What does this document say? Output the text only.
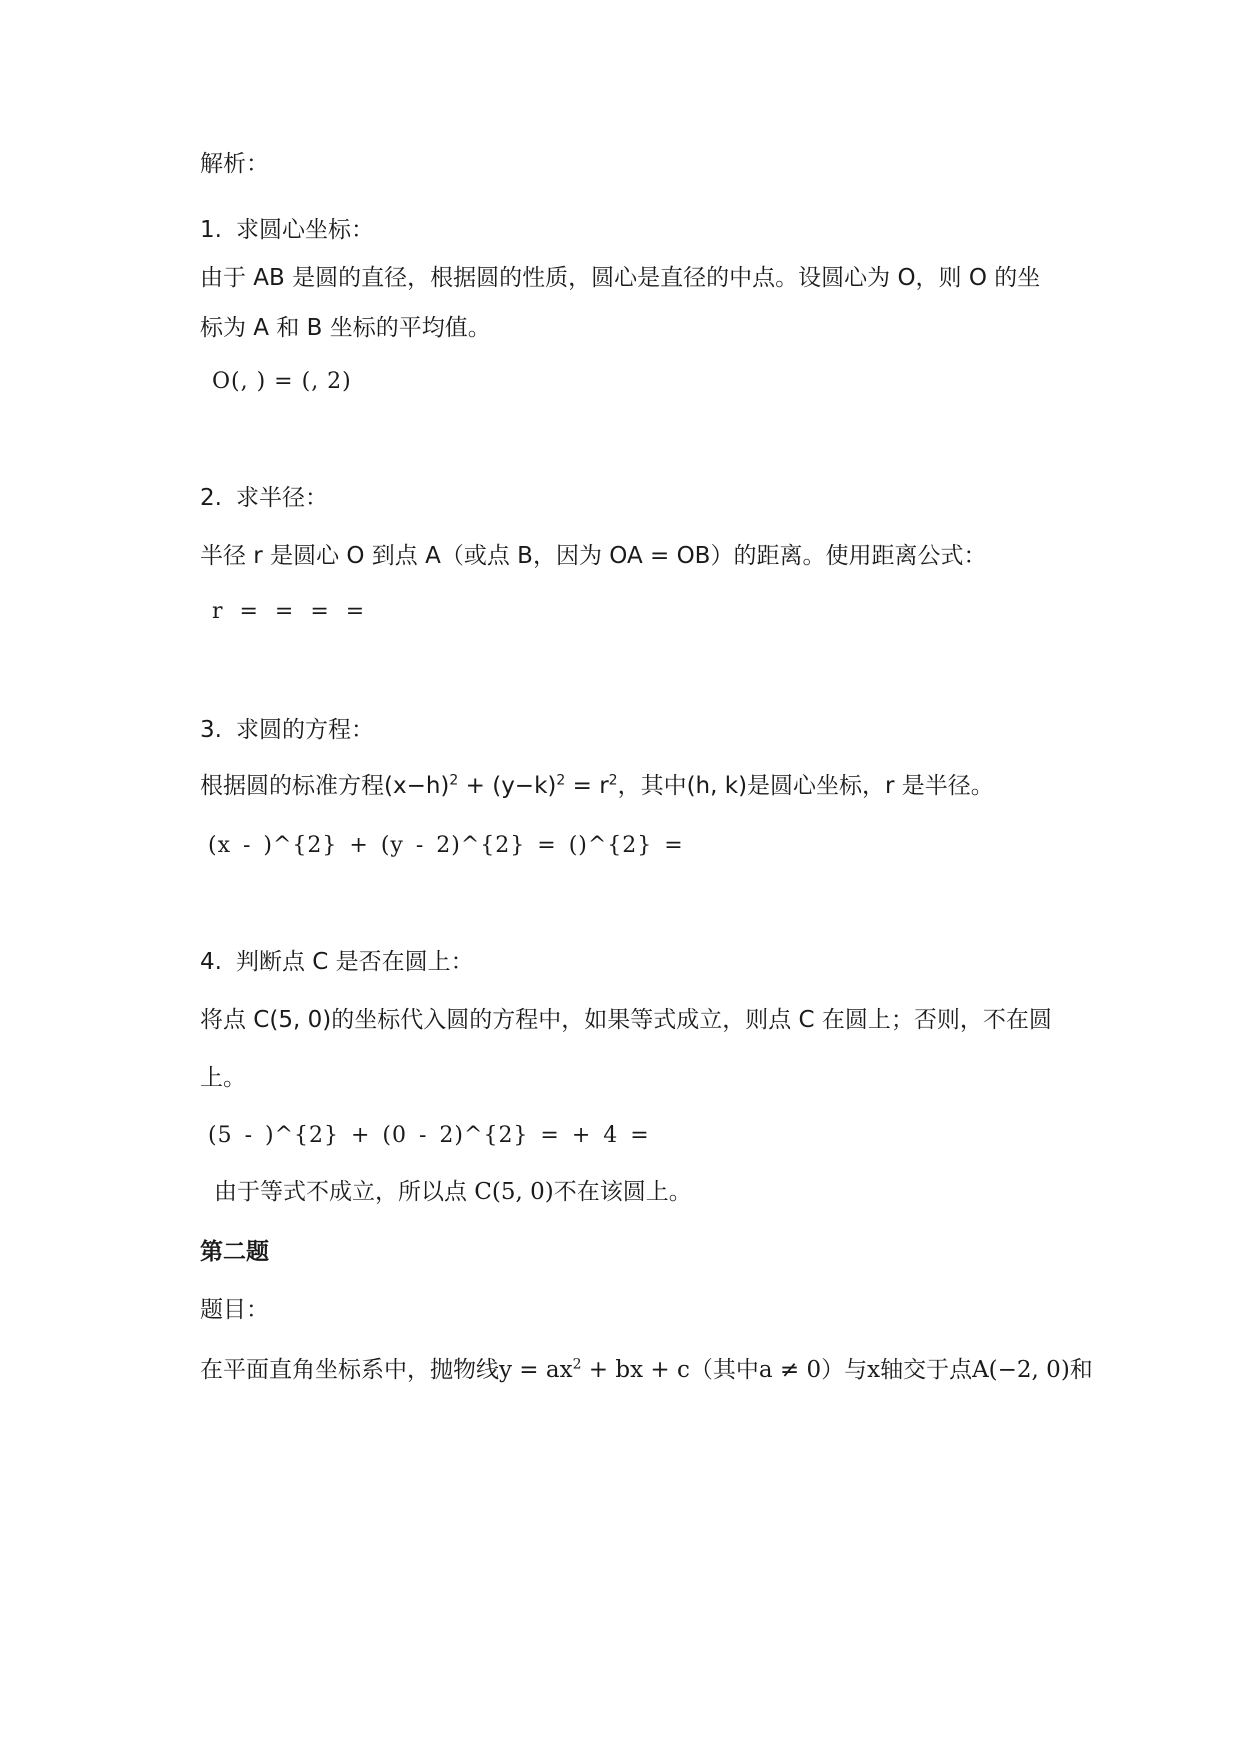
解析：
1. 求圆心坐标：
由于 AB 是圆的直径，根据圆的性质，圆心是直径的中点。设圆心为 O，则 O 的坐
标为 A 和 B 坐标的平均值。
O(, ) = (, 2)
2. 求半径：
半径 r 是圆心 O 到点 A（或点 B，因为 OA = OB）的距离。使用距离公式：
r = = = =
3. 求圆的方程：
根据圆的标准方程$(x-h)^2 + (y-k)^2 = r^2$，其中(h, k)是圆心坐标，r 是半径。
(x - )^{2} + (y - 2)^{2} = ()^{2} =
4. 判断点 C 是否在圆上：
将点 C(5, 0)的坐标代入圆的方程中，如果等式成立，则点 C 在圆上；否则，不在圆
上。
(5 - )^{2} + (0 - 2)^{2} = + 4 =
由于等式不成立，所以点 C(5, 0)不在该圆上。
第二题
题目：
在平面直角坐标系中，抛物线$y = ax^2$ + bx + c（其中a ≠ 0）与x轴交于点A(−2, 0)和
